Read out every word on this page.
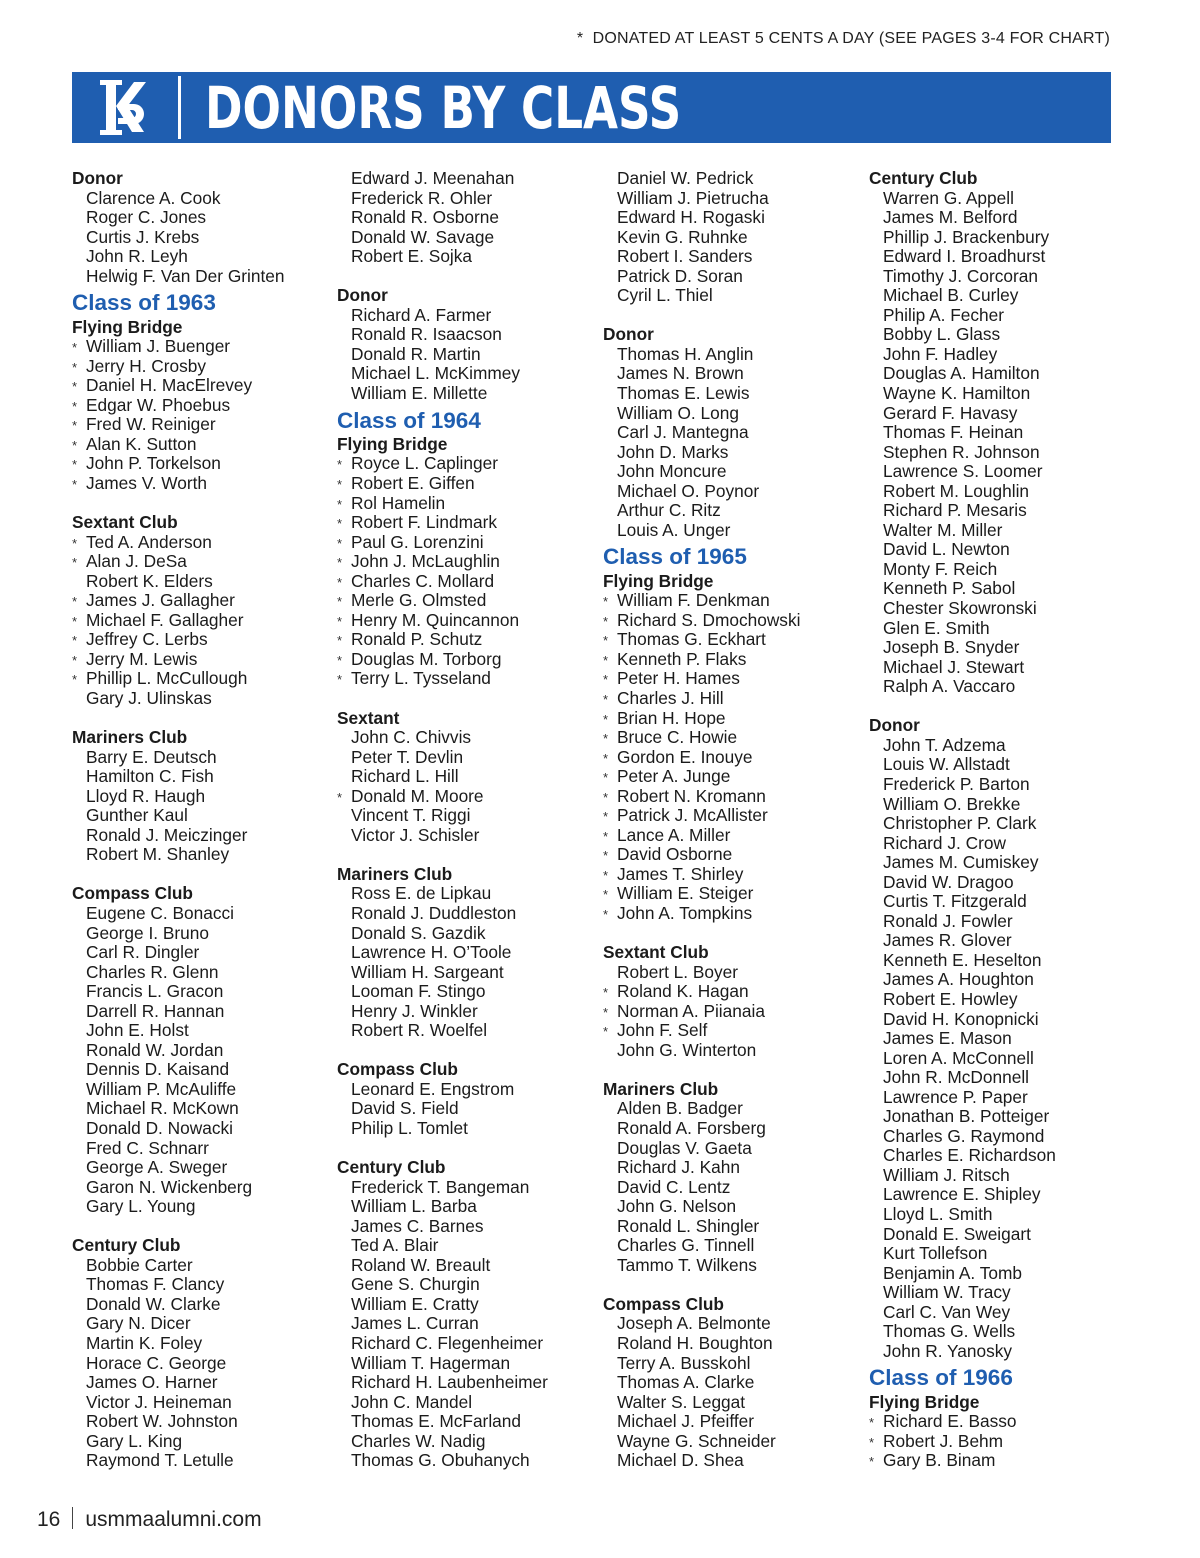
* DONATED AT LEAST 5 CENTS A DAY (SEE PAGES 3-4 FOR CHART)
DONORS BY CLASS
Donor
Clarence A. Cook
Roger C. Jones
Curtis J. Krebs
John R. Leyh
Helwig F. Van Der Grinten
Class of 1963
Flying Bridge
* William J. Buenger
* Jerry H. Crosby
* Daniel H. MacElrevey
* Edgar W. Phoebus
* Fred W. Reiniger
* Alan K. Sutton
* John P. Torkelson
* James V. Worth
Sextant Club
* Ted A. Anderson
* Alan J. DeSa
Robert K. Elders
* James J. Gallagher
* Michael F. Gallagher
* Jeffrey C. Lerbs
* Jerry M. Lewis
* Phillip L. McCullough
Gary J. Ulinskas
Mariners Club
Barry E. Deutsch
Hamilton C. Fish
Lloyd R. Haugh
Gunther Kaul
Ronald J. Meiczinger
Robert M. Shanley
Compass Club
Eugene C. Bonacci
George I. Bruno
Carl R. Dingler
Charles R. Glenn
Francis L. Gracon
Darrell R. Hannan
John E. Holst
Ronald W. Jordan
Dennis D. Kaisand
William P. McAuliffe
Michael R. McKown
Donald D. Nowacki
Fred C. Schnarr
George A. Sweger
Garon N. Wickenberg
Gary L. Young
Century Club
Bobbie Carter
Thomas F. Clancy
Donald W. Clarke
Gary N. Dicer
Martin K. Foley
Horace C. George
James O. Harner
Victor J. Heineman
Robert W. Johnston
Gary L. King
Raymond T. Letulle
Edward J. Meenahan
Frederick R. Ohler
Ronald R. Osborne
Donald W. Savage
Robert E. Sojka
Donor
Richard A. Farmer
Ronald R. Isaacson
Donald R. Martin
Michael L. McKimmey
William E. Millette
Class of 1964
Flying Bridge
* Royce L. Caplinger
* Robert E. Giffen
* Rol Hamelin
* Robert F. Lindmark
* Paul G. Lorenzini
* John J. McLaughlin
* Charles C. Mollard
* Merle G. Olmsted
* Henry M. Quincannon
* Ronald P. Schutz
* Douglas M. Torborg
* Terry L. Tysseland
Sextant
John C. Chivvis
Peter T. Devlin
Richard L. Hill
* Donald M. Moore
Vincent T. Riggi
Victor J. Schisler
Mariners Club
Ross E. de Lipkau
Ronald J. Duddleston
Donald S. Gazdik
Lawrence H. O’Toole
William H. Sargeant
Looman F. Stingo
Henry J. Winkler
Robert R. Woelfel
Compass Club
Leonard E. Engstrom
David S. Field
Philip L. Tomlet
Century Club
Frederick T. Bangeman
William L. Barba
James C. Barnes
Ted A. Blair
Roland W. Breault
Gene S. Churgin
William E. Cratty
James L. Curran
Richard C. Flegenheimer
William T. Hagerman
Richard H. Laubenheimer
John C. Mandel
Thomas E. McFarland
Charles W. Nadig
Thomas G. Obuhanych
Daniel W. Pedrick
William J. Pietrucha
Edward H. Rogaski
Kevin G. Ruhnke
Robert I. Sanders
Patrick D. Soran
Cyril L. Thiel
Donor
Thomas H. Anglin
James N. Brown
Thomas E. Lewis
William O. Long
Carl J. Mantegna
John D. Marks
John Moncure
Michael O. Poynor
Arthur C. Ritz
Louis A. Unger
Class of 1965
Flying Bridge
* William F. Denkman
* Richard S. Dmochowski
* Thomas G. Eckhart
* Kenneth P. Flaks
* Peter H. Hames
* Charles J. Hill
* Brian H. Hope
* Bruce C. Howie
* Gordon E. Inouye
* Peter A. Junge
* Robert N. Kromann
* Patrick J. McAllister
* Lance A. Miller
* David Osborne
* James T. Shirley
* William E. Steiger
* John A. Tompkins
Sextant Club
Robert L. Boyer
* Roland K. Hagan
* Norman A. Piianaia
* John F. Self
John G. Winterton
Mariners Club
Alden B. Badger
Ronald A. Forsberg
Douglas V. Gaeta
Richard J. Kahn
David C. Lentz
John G. Nelson
Ronald L. Shingler
Charles G. Tinnell
Tammo T. Wilkens
Compass Club
Joseph A. Belmonte
Roland H. Boughton
Terry A. Busskohl
Thomas A. Clarke
Walter S. Leggat
Michael J. Pfeiffer
Wayne G. Schneider
Michael D. Shea
Century Club
Warren G. Appell
James M. Belford
Phillip J. Brackenbury
Edward I. Broadhurst
Timothy J. Corcoran
Michael B. Curley
Philip A. Fecher
Bobby L. Glass
John F. Hadley
Douglas A. Hamilton
Wayne K. Hamilton
Gerard F. Havasy
Thomas F. Heinan
Stephen R. Johnson
Lawrence S. Loomer
Robert M. Loughlin
Richard P. Mesaris
Walter M. Miller
David L. Newton
Monty F. Reich
Kenneth P. Sabol
Chester Skowronski
Glen E. Smith
Joseph B. Snyder
Michael J. Stewart
Ralph A. Vaccaro
Donor
John T. Adzema
Louis W. Allstadt
Frederick P. Barton
William O. Brekke
Christopher P. Clark
Richard J. Crow
James M. Cumiskey
David W. Dragoo
Curtis T. Fitzgerald
Ronald J. Fowler
James R. Glover
Kenneth E. Heselton
James A. Houghton
Robert E. Howley
David H. Konopnicki
James E. Mason
Loren A. McConnell
John R. McDonnell
Lawrence P. Paper
Jonathan B. Potteiger
Charles G. Raymond
Charles E. Richardson
William J. Ritsch
Lawrence E. Shipley
Lloyd L. Smith
Donald E. Sweigart
Kurt Tollefson
Benjamin A. Tomb
William W. Tracy
Carl C. Van Wey
Thomas G. Wells
John R. Yanosky
Class of 1966
Flying Bridge
* Richard E. Basso
* Robert J. Behm
* Gary B. Binam
16 usmmaalumni.com
